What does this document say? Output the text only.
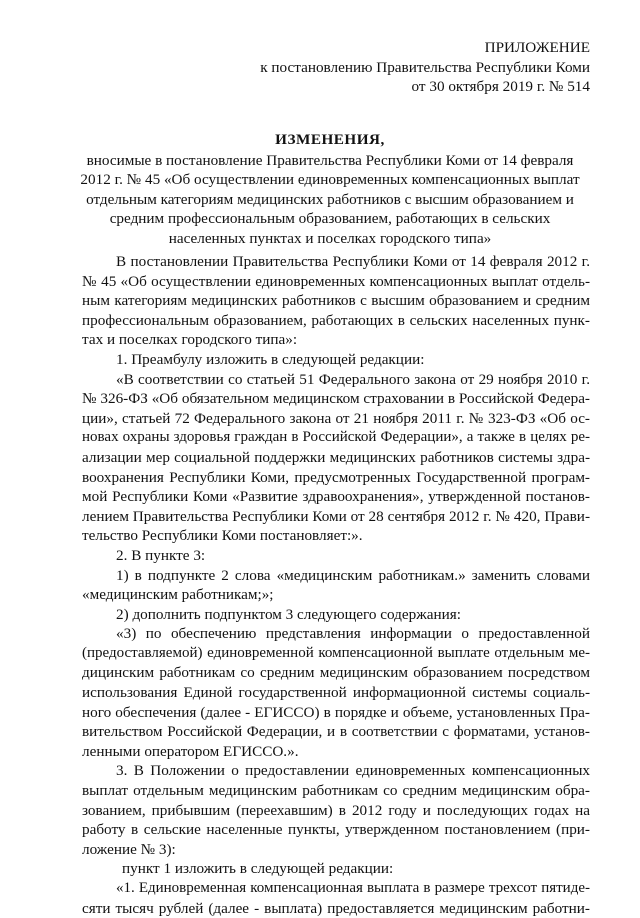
ПРИЛОЖЕНИЕ
к постановлению Правительства Республики Коми
от 30 октября 2019 г. № 514
ИЗМЕНЕНИЯ,
вносимые в постановление Правительства Республики Коми от 14 февраля
2012 г. № 45 «Об осуществлении единовременных компенсационных выплат
отдельным категориям медицинских работников с высшим образованием и
средним профессиональным образованием, работающих в сельских
населенных пунктах и поселках городского типа»
В постановлении Правительства Республики Коми от 14 февраля 2012 г.
№ 45 «Об осуществлении единовременных компенсационных выплат отдель-
ным категориям медицинских работников с высшим образованием и средним
профессиональным образованием, работающих в сельских населенных пунк-
тах и поселках городского типа»:
1. Преамбулу изложить в следующей редакции:
«В соответствии со статьей 51 Федерального закона от 29 ноября 2010 г.
№ 326-ФЗ «Об обязательном медицинском страховании в Российской Федера-
ции», статьей 72 Федерального закона от 21 ноября 2011 г. № 323-ФЗ «Об ос-
новах охраны здоровья граждан в Российской Федерации», а также в целях ре-
ализации мер социальной поддержки медицинских работников системы здра-
воохранения Республики Коми, предусмотренных Государственной програм-
мой Республики Коми «Развитие здравоохранения», утвержденной постанов-
лением Правительства Республики Коми от 28 сентября 2012 г. № 420, Прави-
тельство Республики Коми постановляет:».
2. В пункте 3:
1) в подпункте 2 слова «медицинским работникам.» заменить словами
«медицинским работникам;»;
2) дополнить подпунктом 3 следующего содержания:
«3) по обеспечению представления информации о предоставленной
(предоставляемой) единовременной компенсационной выплате отдельным ме-
дицинским работникам со средним медицинским образованием посредством
использования Единой государственной информационной системы социаль-
ного обеспечения (далее - ЕГИССО) в порядке и объеме, установленных Пра-
вительством Российской Федерации, и в соответствии с форматами, установ-
ленными оператором ЕГИССО.».
3. В Положении о предоставлении единовременных компенсационных
выплат отдельным медицинским работникам со средним медицинским обра-
зованием, прибывшим (переехавшим) в 2012 году и последующих годах на
работу в сельские населенные пункты, утвержденном постановлением (при-
ложение № 3):
пункт 1 изложить в следующей редакции:
«1. Единовременная компенсационная выплата в размере трехсот пятиде-
сяти тысяч рублей (далее - выплата) предоставляется медицинским работни-
